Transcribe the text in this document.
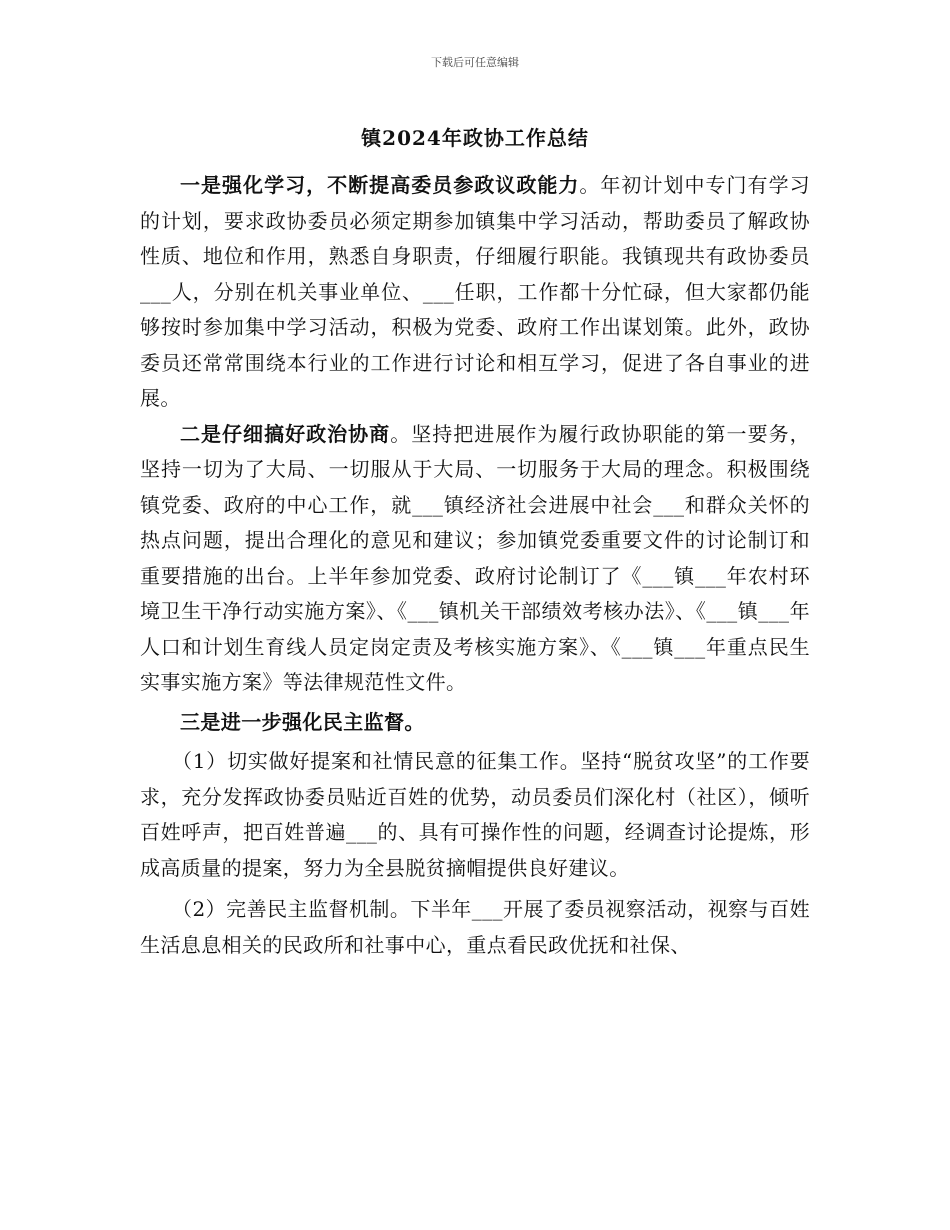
下载后可任意编辑
镇2024年政协工作总结

一是强化学习，不断提高委员参政议政能力。年初计划中专门有学习的计划，要求政协委员必须定期参加镇集中学习活动，帮助委员了解政协性质、地位和作用，熟悉自身职责，仔细履行职能。我镇现共有政协委员___人，分别在机关事业单位、___任职，工作都十分忙碌，但大家都仍能够按时参加集中学习活动，积极为党委、政府工作出谋划策。此外，政协委员还常常围绕本行业的工作进行讨论和相互学习，促进了各自事业的进展。

二是仔细搞好政治协商。坚持把进展作为履行政协职能的第一要务，坚持一切为了大局、一切服从于大局、一切服务于大局的理念。积极围绕镇党委、政府的中心工作，就___镇经济社会进展中社会___和群众关怀的热点问题，提出合理化的意见和建议；参加镇党委重要文件的讨论制订和重要措施的出台。上半年参加党委、政府讨论制订了《___镇___年农村环境卫生干净行动实施方案》、《___镇机关干部绩效考核办法》、《___镇___年人口和计划生育线人员定岗定责及考核实施方案》、《___镇___年重点民生实事实施方案》等法律规范性文件。

三是进一步强化民主监督。

（1）切实做好提案和社情民意的征集工作。坚持“脱贫攻坚”的工作要求，充分发挥政协委员贴近百姓的优势，动员委员们深化村（社区），倾听百姓呼声，把百姓普遍___的、具有可操作性的问题，经调查讨论提炼，形成高质量的提案，努力为全县脱贫摘帽提供良好建议。

（2）完善民主监督机制。下半年___开展了委员视察活动，视察与百姓生活息息相关的民政所和社事中心，重点看民政优抚和社保、
